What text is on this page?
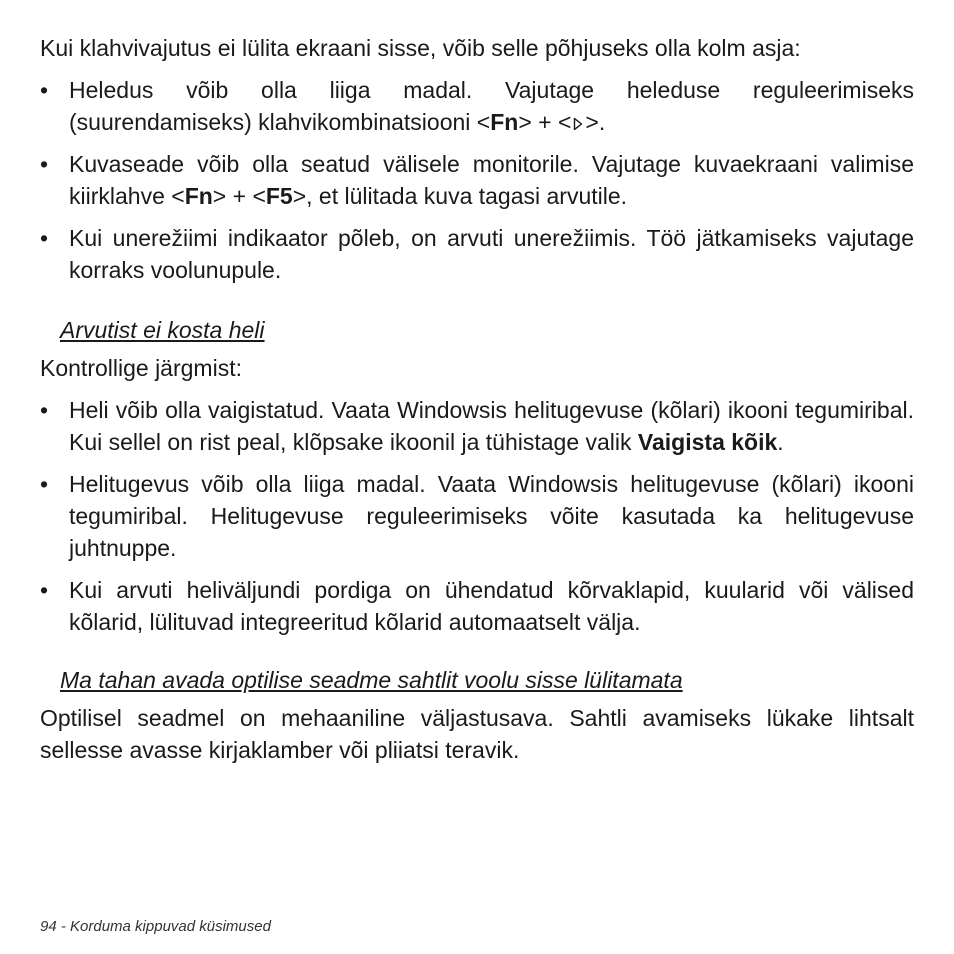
Kui klahvivajutus ei lülita ekraani sisse, võib selle põhjuseks olla kolm asja:

• Heledus võib olla liiga madal. Vajutage heleduse reguleerimiseks (suurendamiseks) klahvikombinatsiooni <Fn> + < >.
• Kuvaseade võib olla seatud välisele monitorile. Vajutage kuvaekraani valimise kiirklahve <Fn> + <F5>, et lülitada kuva tagasi arvutile.
• Kui unerežiimi indikaator põleb, on arvuti unerežiimis. Töö jätkamiseks vajutage korraks voolunupule.

Arvutist ei kosta heli

Kontrollige järgmist:

• Heli võib olla vaigistatud. Vaata Windowsis helitugevuse (kõlari) ikooni tegumiribal. Kui sellel on rist peal, klõpsake ikoonil ja tühistage valik Vaigista kõik.
• Helitugevus võib olla liiga madal. Vaata Windowsis helitugevuse (kõlari) ikooni tegumiribal. Helitugevuse reguleerimiseks võite kasutada ka helitugevuse juhtnuppe.
• Kui arvuti heliväljundi pordiga on ühendatud kõrvaklapid, kuularid või välised kõlarid, lülituvad integreeritud kõlarid automaatselt välja.

Ma tahan avada optilise seadme sahtlit voolu sisse lülitamata

Optilisel seadmel on mehaaniline väljastusava. Sahtli avamiseks lükake lihtsalt sellesse avasse kirjaklamber või pliiatsi teravik.

94 - Korduma kippuvad küsimused
